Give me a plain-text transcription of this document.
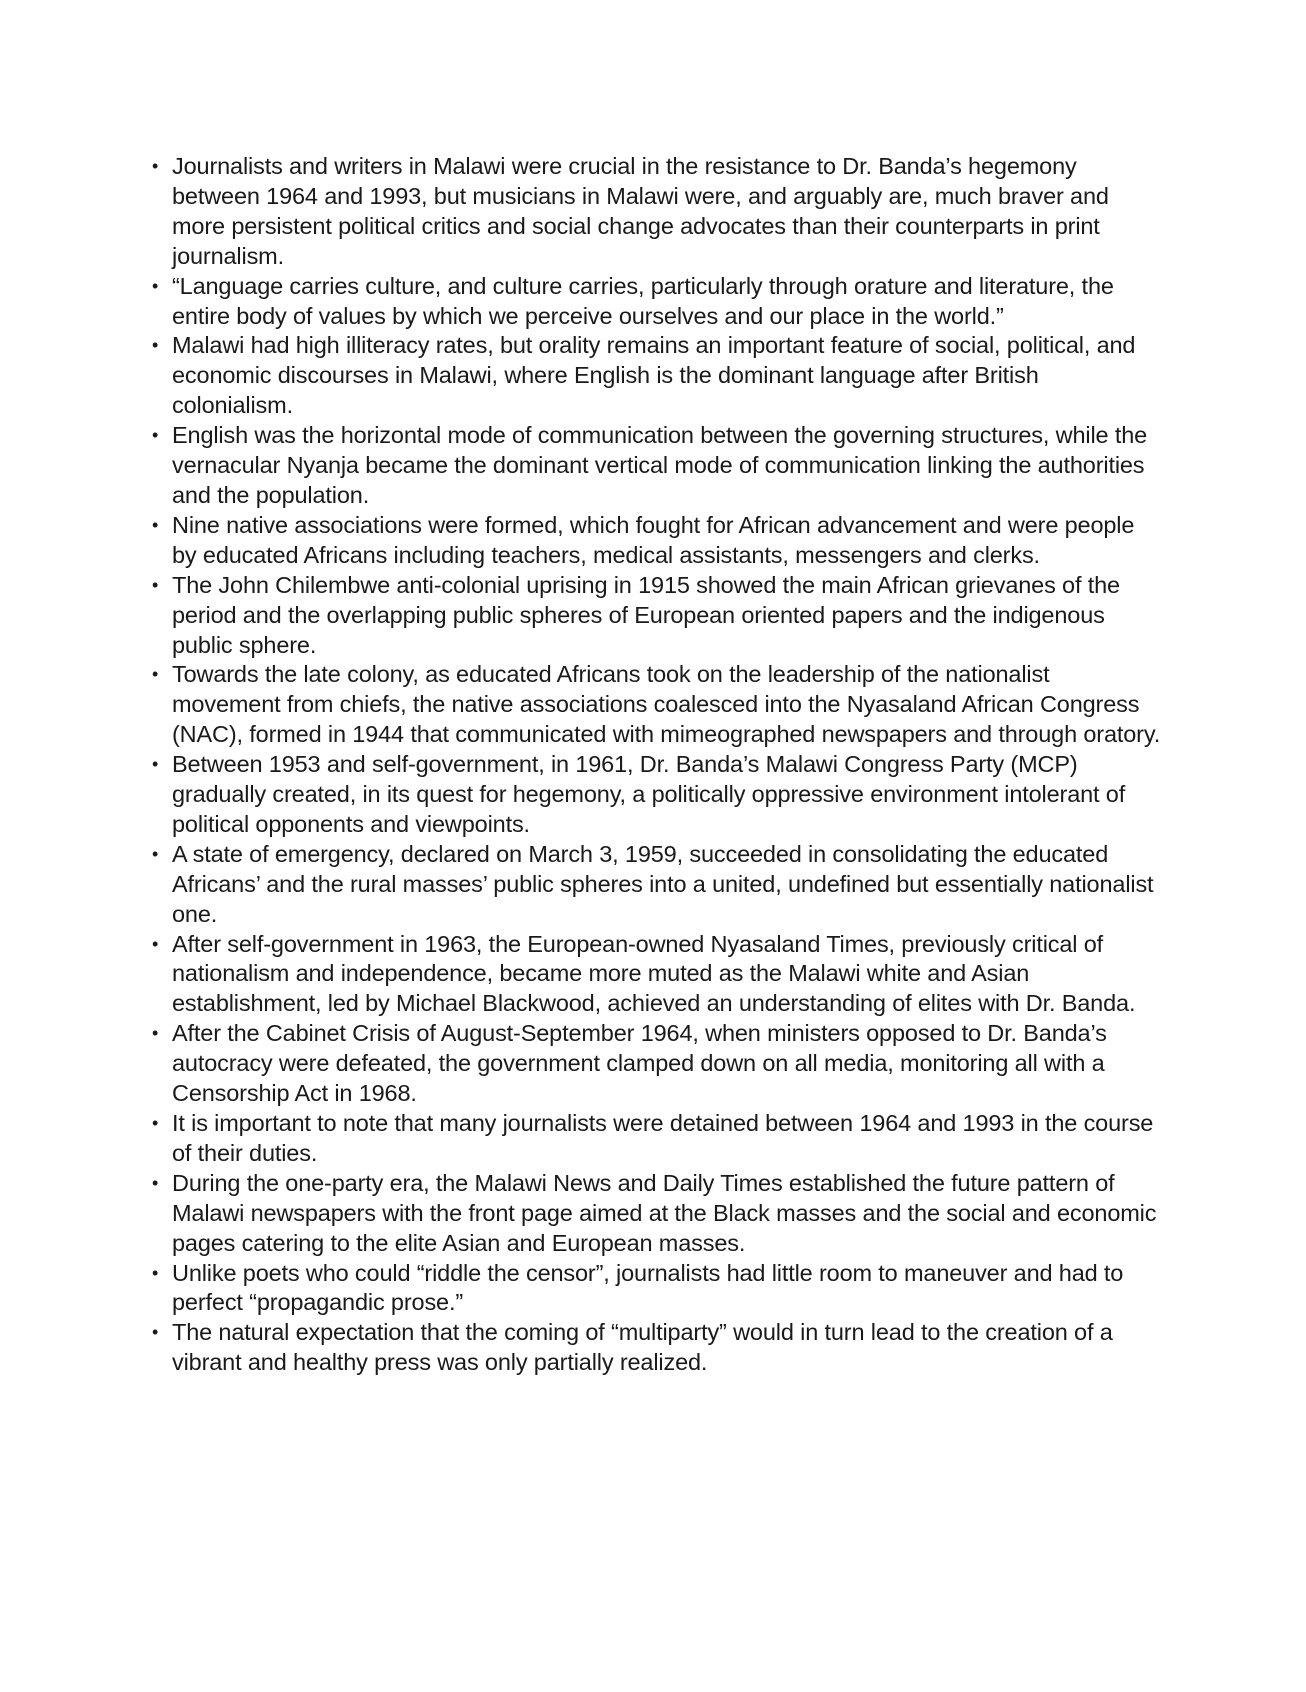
• Journalists and writers in Malawi were crucial in the resistance to Dr. Banda’s hegemony between 1964 and 1993, but musicians in Malawi were, and arguably are, much braver and more persistent political critics and social change advocates than their counterparts in print journalism.
• “Language carries culture, and culture carries, particularly through orature and literature, the entire body of values by which we perceive ourselves and our place in the world.”
• Malawi had high illiteracy rates, but orality remains an important feature of social, political, and economic discourses in Malawi, where English is the dominant language after British colonialism.
• English was the horizontal mode of communication between the governing structures, while the vernacular Nyanja became the dominant vertical mode of communication linking the authorities and the population.
• Nine native associations were formed, which fought for African advancement and were people by educated Africans including teachers, medical assistants, messengers and clerks.
• The John Chilembwe anti-colonial uprising in 1915 showed the main African grievanes of the period and the overlapping public spheres of European oriented papers and the indigenous public sphere.
• Towards the late colony, as educated Africans took on the leadership of the nationalist movement from chiefs, the native associations coalesced into the Nyasaland African Congress (NAC), formed in 1944 that communicated with mimeographed newspapers and through oratory.
• Between 1953 and self-government, in 1961, Dr. Banda’s Malawi Congress Party (MCP) gradually created, in its quest for hegemony, a politically oppressive environment intolerant of political opponents and viewpoints.
• A state of emergency, declared on March 3, 1959, succeeded in consolidating the educated Africans’ and the rural masses’ public spheres into a united, undefined but essentially nationalist one.
• After self-government in 1963, the European-owned Nyasaland Times, previously critical of nationalism and independence, became more muted as the Malawi white and Asian establishment, led by Michael Blackwood, achieved an understanding of elites with Dr. Banda.
• After the Cabinet Crisis of August-September 1964, when ministers opposed to Dr. Banda’s autocracy were defeated, the government clamped down on all media, monitoring all with a Censorship Act in 1968.
• It is important to note that many journalists were detained between 1964 and 1993 in the course of their duties.
• During the one-party era, the Malawi News and Daily Times established the future pattern of Malawi newspapers with the front page aimed at the Black masses and the social and economic pages catering to the elite Asian and European masses.
• Unlike poets who could “riddle the censor”, journalists had little room to maneuver and had to perfect “propagandic prose.”
• The natural expectation that the coming of “multiparty” would in turn lead to the creation of a vibrant and healthy press was only partially realized.
